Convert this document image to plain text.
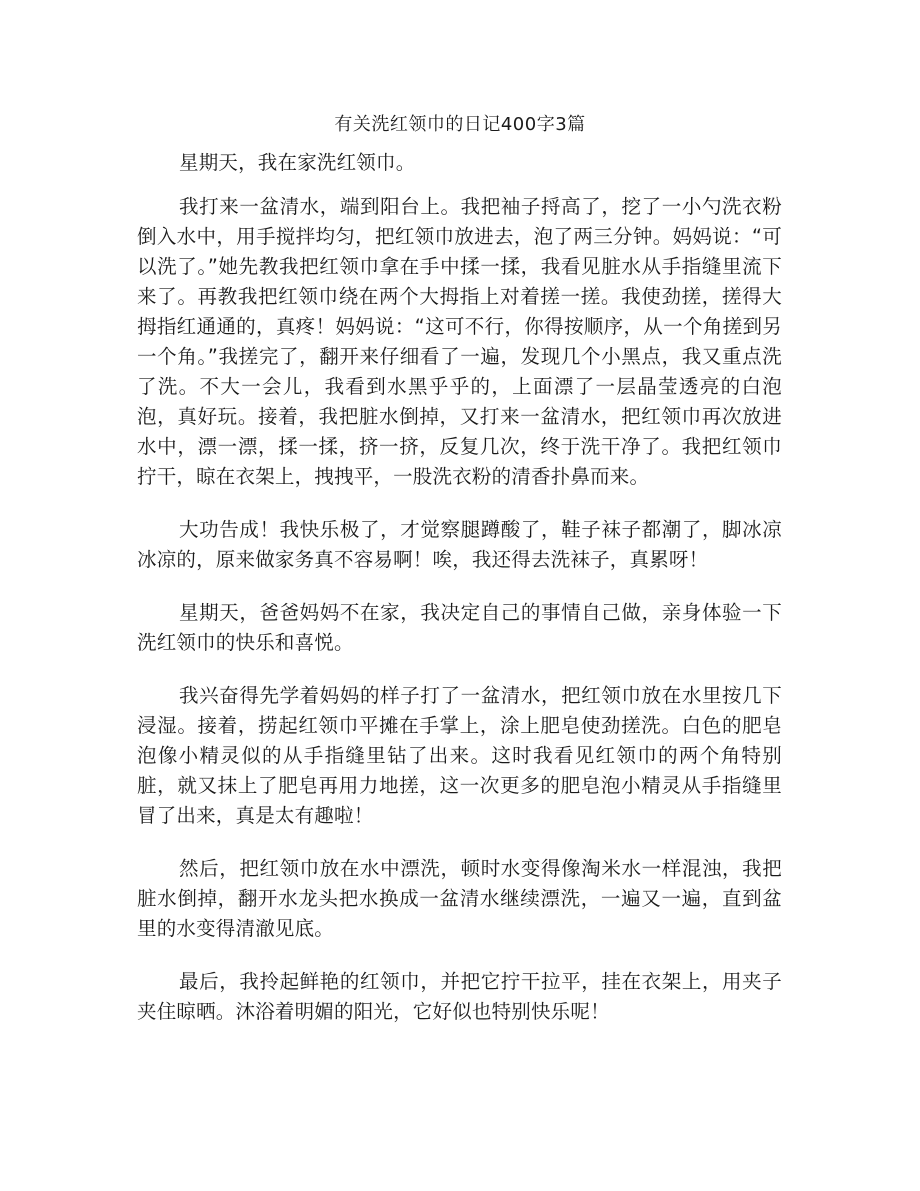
有关洗红领巾的日记400字3篇

星期天，我在家洗红领巾。

我打来一盆清水，端到阳台上。我把袖子捋高了，挖了一小勺洗衣粉倒入水中，用手搅拌均匀，把红领巾放进去，泡了两三分钟。妈妈说：“可以洗了。”她先教我把红领巾拿在手中揉一揉，我看见脏水从手指缝里流下来了。再教我把红领巾绕在两个大拇指上对着搓一搓。我使劲搓，搓得大拇指红通通的，真疼！妈妈说：“这可不行，你得按顺序，从一个角搓到另一个角。”我搓完了，翻开来仔细看了一遍，发现几个小黑点，我又重点洗了洗。不大一会儿，我看到水黑乎乎的，上面漂了一层晶莹透亮的白泡泡，真好玩。接着，我把脏水倒掉，又打来一盆清水，把红领巾再次放进水中，漂一漂，揉一揉，挤一挤，反复几次，终于洗干净了。我把红领巾拧干，晾在衣架上，拽拽平，一股洗衣粉的清香扑鼻而来。

大功告成！我快乐极了，才觉察腿蹲酸了，鞋子袜子都潮了，脚冰凉冰凉的，原来做家务真不容易啊！唉，我还得去洗袜子，真累呀！

星期天，爸爸妈妈不在家，我决定自己的事情自己做，亲身体验一下洗红领巾的快乐和喜悦。

我兴奋得先学着妈妈的样子打了一盆清水，把红领巾放在水里按几下浸湿。接着，捞起红领巾平摊在手掌上，涂上肥皂使劲搓洗。白色的肥皂泡像小精灵似的从手指缝里钻了出来。这时我看见红领巾的两个角特别脏，就又抹上了肥皂再用力地搓，这一次更多的肥皂泡小精灵从手指缝里冒了出来，真是太有趣啦！

然后，把红领巾放在水中漂洗，顿时水变得像淘米水一样混浊，我把脏水倒掉，翻开水龙头把水换成一盆清水继续漂洗，一遍又一遍，直到盆里的水变得清澈见底。

最后，我拎起鲜艳的红领巾，并把它拧干拉平，挂在衣架上，用夹子夹住晾晒。沐浴着明媚的阳光，它好似也特别快乐呢！
